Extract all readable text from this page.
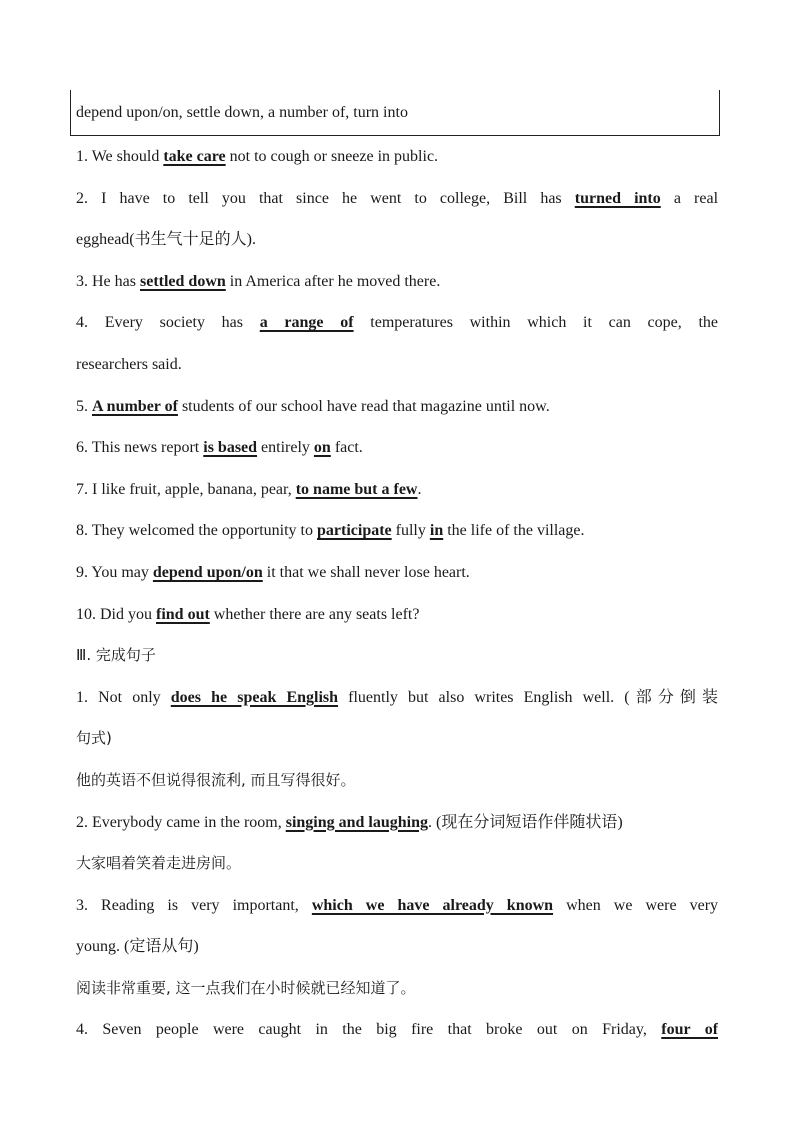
depend upon/on, settle down, a number of, turn into
1. We should take care not to cough or sneeze in public.
2. I have to tell you that since he went to college, Bill has turned into a real
egghead(书生气十足的人).
3. He has settled down in America after he moved there.
4. Every society has a range of temperatures within which it can cope, the
researchers said.
5. A number of students of our school have read that magazine until now.
6. This news report is based entirely on fact.
7. I like fruit, apple, banana, pear, to name but a few.
8. They welcomed the opportunity to participate fully in the life of the village.
9. You may depend upon/on it that we shall never lose heart.
10. Did you find out whether there are any seats left?
Ⅲ. 完成句子
1. Not only does he speak English fluently but also writes English well. (部分倒装
句式)
他的英语不但说得很流利, 而且写得很好。
2. Everybody came in the room, singing and laughing. (现在分词短语作伴随状语)
大家唱着笑着走进房间。
3. Reading is very important, which we have already known when we were very
young. (定语从句)
阅读非常重要, 这一点我们在小时候就已经知道了。
4. Seven people were caught in the big fire that broke out on Friday, four of
